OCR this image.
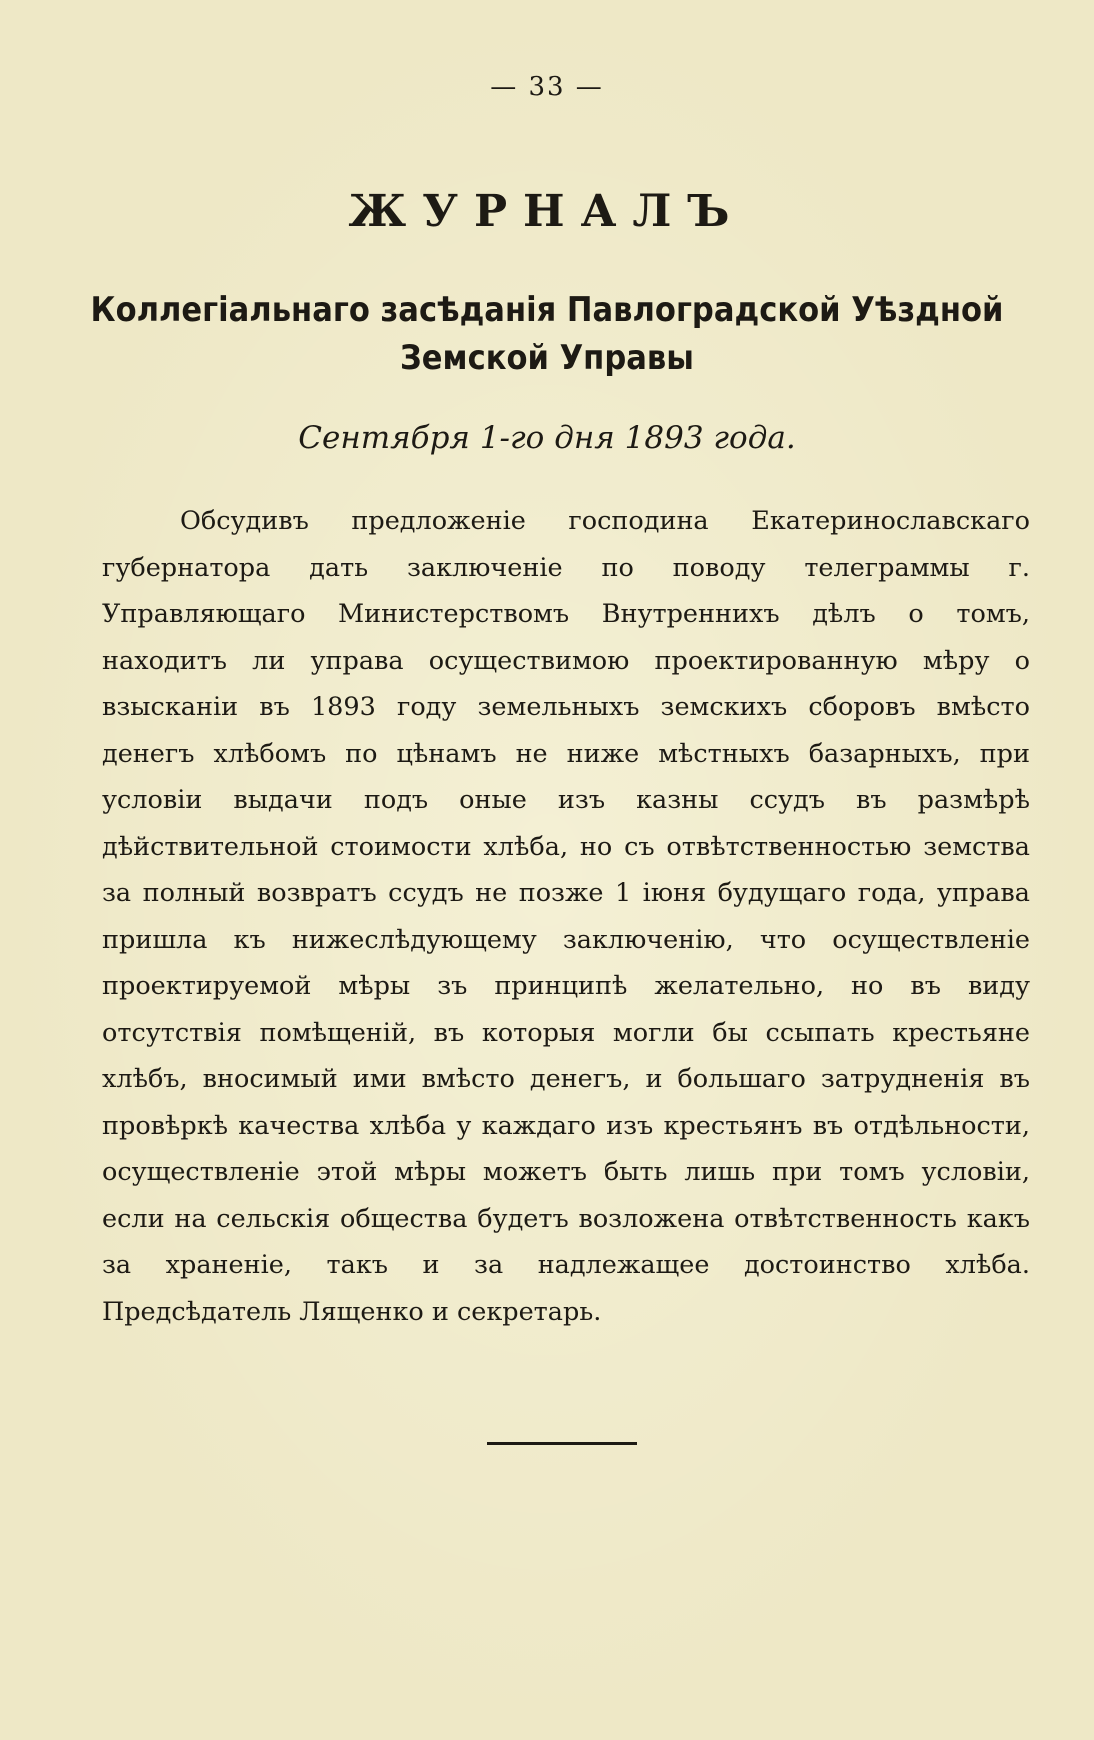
— 33 —
ЖУРНАЛЪ
Коллегіальнаго засѣданія Павлоградской Уѣздной
Земской Управы
Сентября 1-го дня 1893 года.

Обсудивъ предложеніе господина Екатеринославскаго губернатора дать заключеніе по поводу телеграммы г. Управляющаго Министерствомъ Внутреннихъ дѣлъ о томъ, находитъ ли управа осуществимою проектированную мѣру о взысканіи въ 1893 году земельныхъ земскихъ сборовъ вмѣсто денегъ хлѣбомъ по цѣнамъ не ниже мѣстныхъ базарныхъ, при условіи выдачи подъ оные изъ казны ссудъ въ размѣрѣ дѣйствительной стоимости хлѣба, но съ отвѣтственностью земства за полный возвратъ ссудъ не позже 1 іюня будущаго года, управа пришла къ нижеслѣдующему заключенію, что осуществленіе проектируемой мѣры зъ принципѣ желательно, но въ виду отсутствія помѣщеній, въ которыя могли бы ссыпать крестьяне хлѣбъ, вносимый ими вмѣсто денегъ, и большаго затрудненія въ провѣркѣ качества хлѣба у каждаго изъ крестьянъ въ отдѣльности, осуществленіе этой мѣры можетъ быть лишь при томъ условіи, если на сельскія общества будетъ возложена отвѣтственность какъ за храненіе, такъ и за надлежащее достоинство хлѣба. Предсѣдатель Лященко и секретарь.
